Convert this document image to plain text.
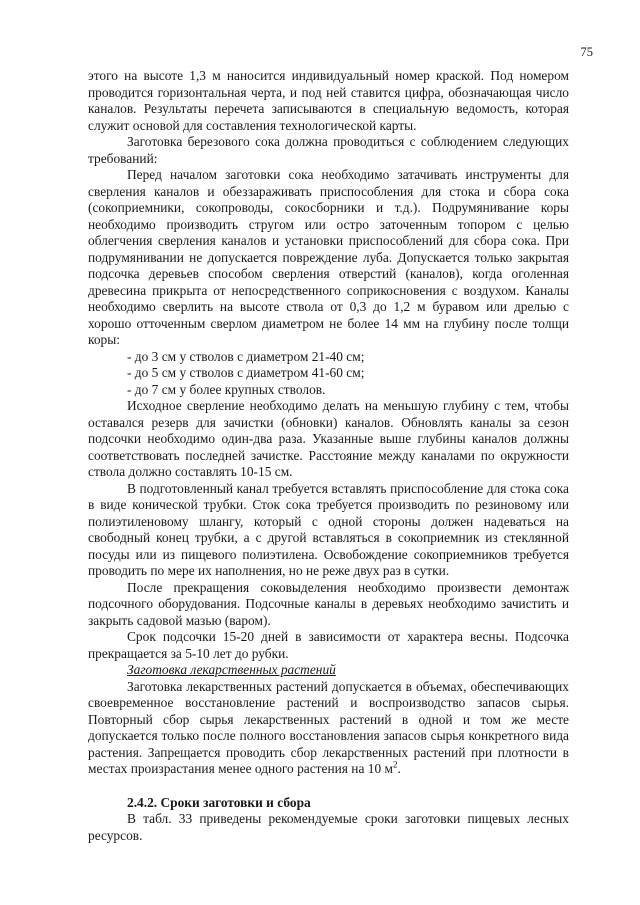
75

этого на высоте 1,3 м наносится индивидуальный номер краской. Под номером проводится горизонтальная черта, и под ней ставится цифра, обозначающая число каналов. Результаты перечета записываются в специальную ведомость, которая служит основой для составления технологической карты.

Заготовка березового сока должна проводиться с соблюдением следующих требований:

Перед началом заготовки сока необходимо затачивать инструменты для сверления каналов и обеззараживать приспособления для стока и сбора сока (сокоприемники, сокопроводы, сокосборники и т.д.). Подрумянивание коры необходимо производить стругом или остро заточенным топором с целью облегчения сверления каналов и установки приспособлений для сбора сока. При подрумянивании не допускается повреждение луба. Допускается только закрытая подсочка деревьев способом сверления отверстий (каналов), когда оголенная древесина прикрыта от непосредственного соприкосновения с воздухом. Каналы необходимо сверлить на высоте ствола от 0,3 до 1,2 м буравом или дрелью с хорошо отточенным сверлом диаметром не более 14 мм на глубину после толщи коры:

- до 3 см у стволов с диаметром 21-40 см;
- до 5 см у стволов с диаметром 41-60 см;
- до 7 см у более крупных стволов.

Исходное сверление необходимо делать на меньшую глубину с тем, чтобы оставался резерв для зачистки (обновки) каналов. Обновлять каналы за сезон подсочки необходимо один-два раза. Указанные выше глубины каналов должны соответствовать последней зачистке. Расстояние между каналами по окружности ствола должно составлять 10-15 см.

В подготовленный канал требуется вставлять приспособление для стока сока в виде конической трубки. Сток сока требуется производить по резиновому или полиэтиленовому шлангу, который с одной стороны должен надеваться на свободный конец трубки, а с другой вставляться в сокоприемник из стеклянной посуды или из пищевого полиэтилена. Освобождение сокоприемников требуется проводить по мере их наполнения, но не реже двух раз в сутки.

После прекращения соковыделения необходимо произвести демонтаж подсочного оборудования. Подсочные каналы в деревьях необходимо зачистить и закрыть садовой мазью (варом).

Срок подсочки 15-20 дней в зависимости от характера весны. Подсочка прекращается за 5-10 лет до рубки.

Заготовка лекарственных растений

Заготовка лекарственных растений допускается в объемах, обеспечивающих своевременное восстановление растений и воспроизводство запасов сырья. Повторный сбор сырья лекарственных растений в одной и том же месте допускается только после полного восстановления запасов сырья конкретного вида растения. Запрещается проводить сбор лекарственных растений при плотности в местах произрастания менее одного растения на 10 $м^2$.

2.4.2. Сроки заготовки и сбора

В табл. 33 приведены рекомендуемые сроки заготовки пищевых лесных ресурсов.
